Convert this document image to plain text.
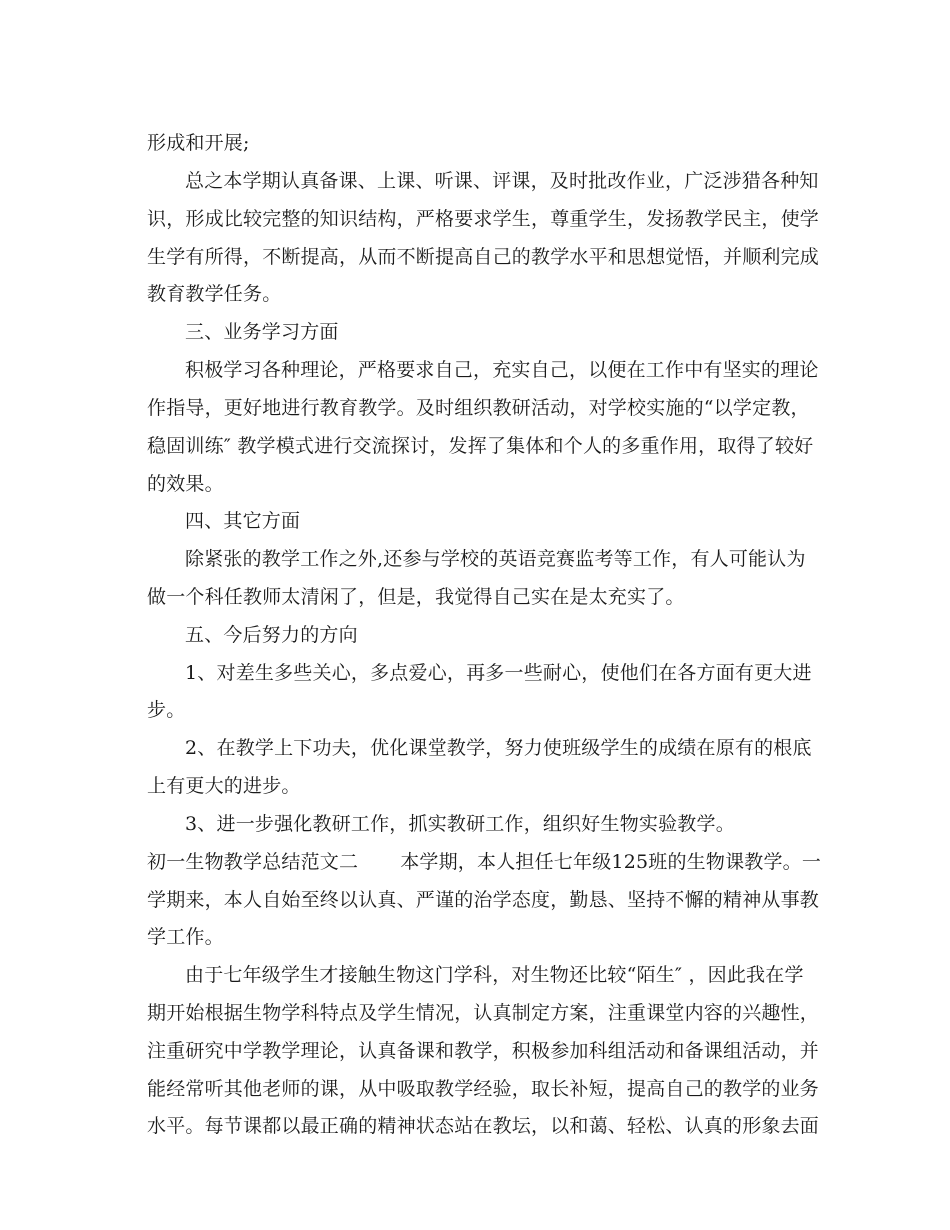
形成和开展;
总之本学期认真备课、上课、听课、评课，及时批改作业，广泛涉猎各种知
识，形成比较完整的知识结构，严格要求学生，尊重学生，发扬教学民主，使学
生学有所得，不断提高，从而不断提高自己的教学水平和思想觉悟，并顺利完成
教育教学任务。
三、业务学习方面
积极学习各种理论，严格要求自己，充实自己，以便在工作中有坚实的理论
作指导，更好地进行教育教学。及时组织教研活动，对学校实施的“以学定教，
稳固训练″ 教学模式进行交流探讨，发挥了集体和个人的多重作用，取得了较好
的效果。
四、其它方面
除紧张的教学工作之外,还参与学校的英语竞赛监考等工作，有人可能认为
做一个科任教师太清闲了，但是，我觉得自己实在是太充实了。
五、今后努力的方向
1、对差生多些关心，多点爱心，再多一些耐心，使他们在各方面有更大进
步。
2、在教学上下功夫，优化课堂教学，努力使班级学生的成绩在原有的根底
上有更大的进步。
3、进一步强化教研工作，抓实教研工作，组织好生物实验教学。
初一生物教学总结范文二 本学期，本人担任七年级125班的生物课教学。一
学期来，本人自始至终以认真、严谨的治学态度，勤恳、坚持不懈的精神从事教
学工作。
由于七年级学生才接触生物这门学科，对生物还比较“陌生″ ，因此我在学
期开始根据生物学科特点及学生情况，认真制定方案，注重课堂内容的兴趣性，
注重研究中学教学理论，认真备课和教学，积极参加科组活动和备课组活动，并
能经常听其他老师的课，从中吸取教学经验，取长补短，提高自己的教学的业务
水平。每节课都以最正确的精神状态站在教坛，以和蔼、轻松、认真的形象去面
